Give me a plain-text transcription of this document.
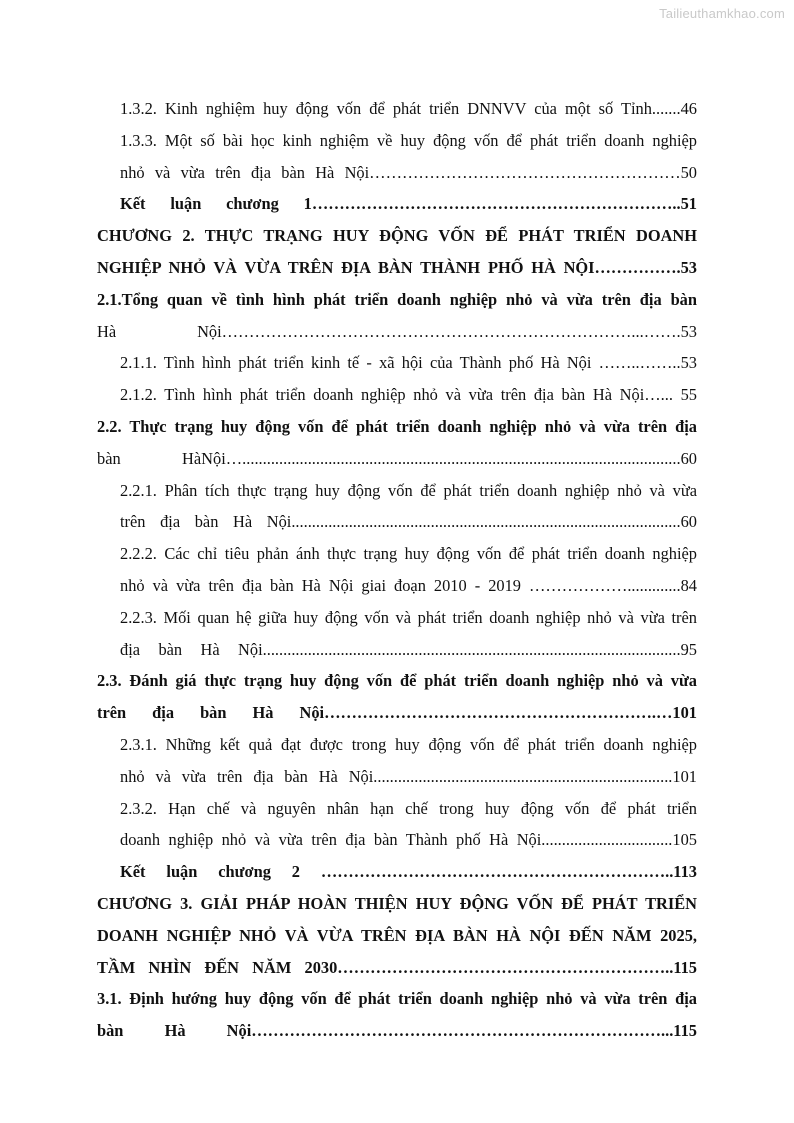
Tailieuthamkhao.com
1.3.2. Kinh nghiệm huy động vốn để phát triển DNNVV của một số Tỉnh.......46
1.3.3. Một số bài học kinh nghiệm về huy động vốn để phát triển doanh nghiệp
nhỏ và vừa trên địa bàn Hà Nội…………………………………………………50
Kết luận chương 1…………………………………………………………..51
CHƯƠNG 2. THỰC TRẠNG HUY ĐỘNG VỐN ĐỂ PHÁT TRIỂN DOANH
NGHIỆP NHỎ VÀ VỪA TRÊN ĐỊA BÀN THÀNH PHỐ HÀ NỘI…………….53
2.1.Tổng quan về tình hình phát triển doanh nghiệp nhỏ và vừa trên địa bàn
Hà Nội…………………………………………………………………...…….53
2.1.1. Tình hình phát triển kinh tế - xã hội của Thành phố Hà Nội ……..……..53
2.1.2. Tình hình phát triển doanh nghiệp nhỏ và vừa trên địa bàn Hà Nội…... 55
2.2. Thực trạng huy động vốn để phát triển doanh nghiệp nhỏ và vừa trên địa
bàn HàNội…...........................................................................................................60
2.2.1. Phân tích thực trạng huy động vốn để phát triển doanh nghiệp nhỏ và vừa
trên địa bàn Hà Nội...............................................................................................60
2.2.2. Các chỉ tiêu phản ánh thực trạng huy động vốn để phát triển doanh nghiệp
nhỏ và vừa trên địa bàn Hà Nội giai đoạn 2010 - 2019 ……………….............84
2.2.3. Mối quan hệ giữa huy động vốn và phát triển doanh nghiệp nhỏ và vừa trên
địa bàn Hà Nội......................................................................................................95
2.3. Đánh giá thực trạng huy động vốn để phát triển doanh nghiệp nhỏ và vừa
trên địa bàn Hà Nội…………………………………………………….…101
2.3.1. Những kết quả đạt được trong huy động vốn để phát triển doanh nghiệp
nhỏ và vừa trên địa bàn Hà Nội.........................................................................101
2.3.2. Hạn chế và nguyên nhân hạn chế trong huy động vốn để phát triển
doanh nghiệp nhỏ và vừa trên địa bàn Thành phố Hà Nội................................105
Kết luận chương 2 ………………………………………………………..113
CHƯƠNG 3. GIẢI PHÁP HOÀN THIỆN HUY ĐỘNG VỐN ĐỂ PHÁT TRIỂN
DOANH NGHIỆP NHỎ VÀ VỪA TRÊN ĐỊA BÀN HÀ NỘI ĐẾN NĂM 2025,
TẦM NHÌN ĐẾN NĂM 2030……………………………………………………..115
3.1. Định hướng huy động vốn để phát triển doanh nghiệp nhỏ và vừa trên địa
bàn Hà Nội…………………………………………………………………...115
